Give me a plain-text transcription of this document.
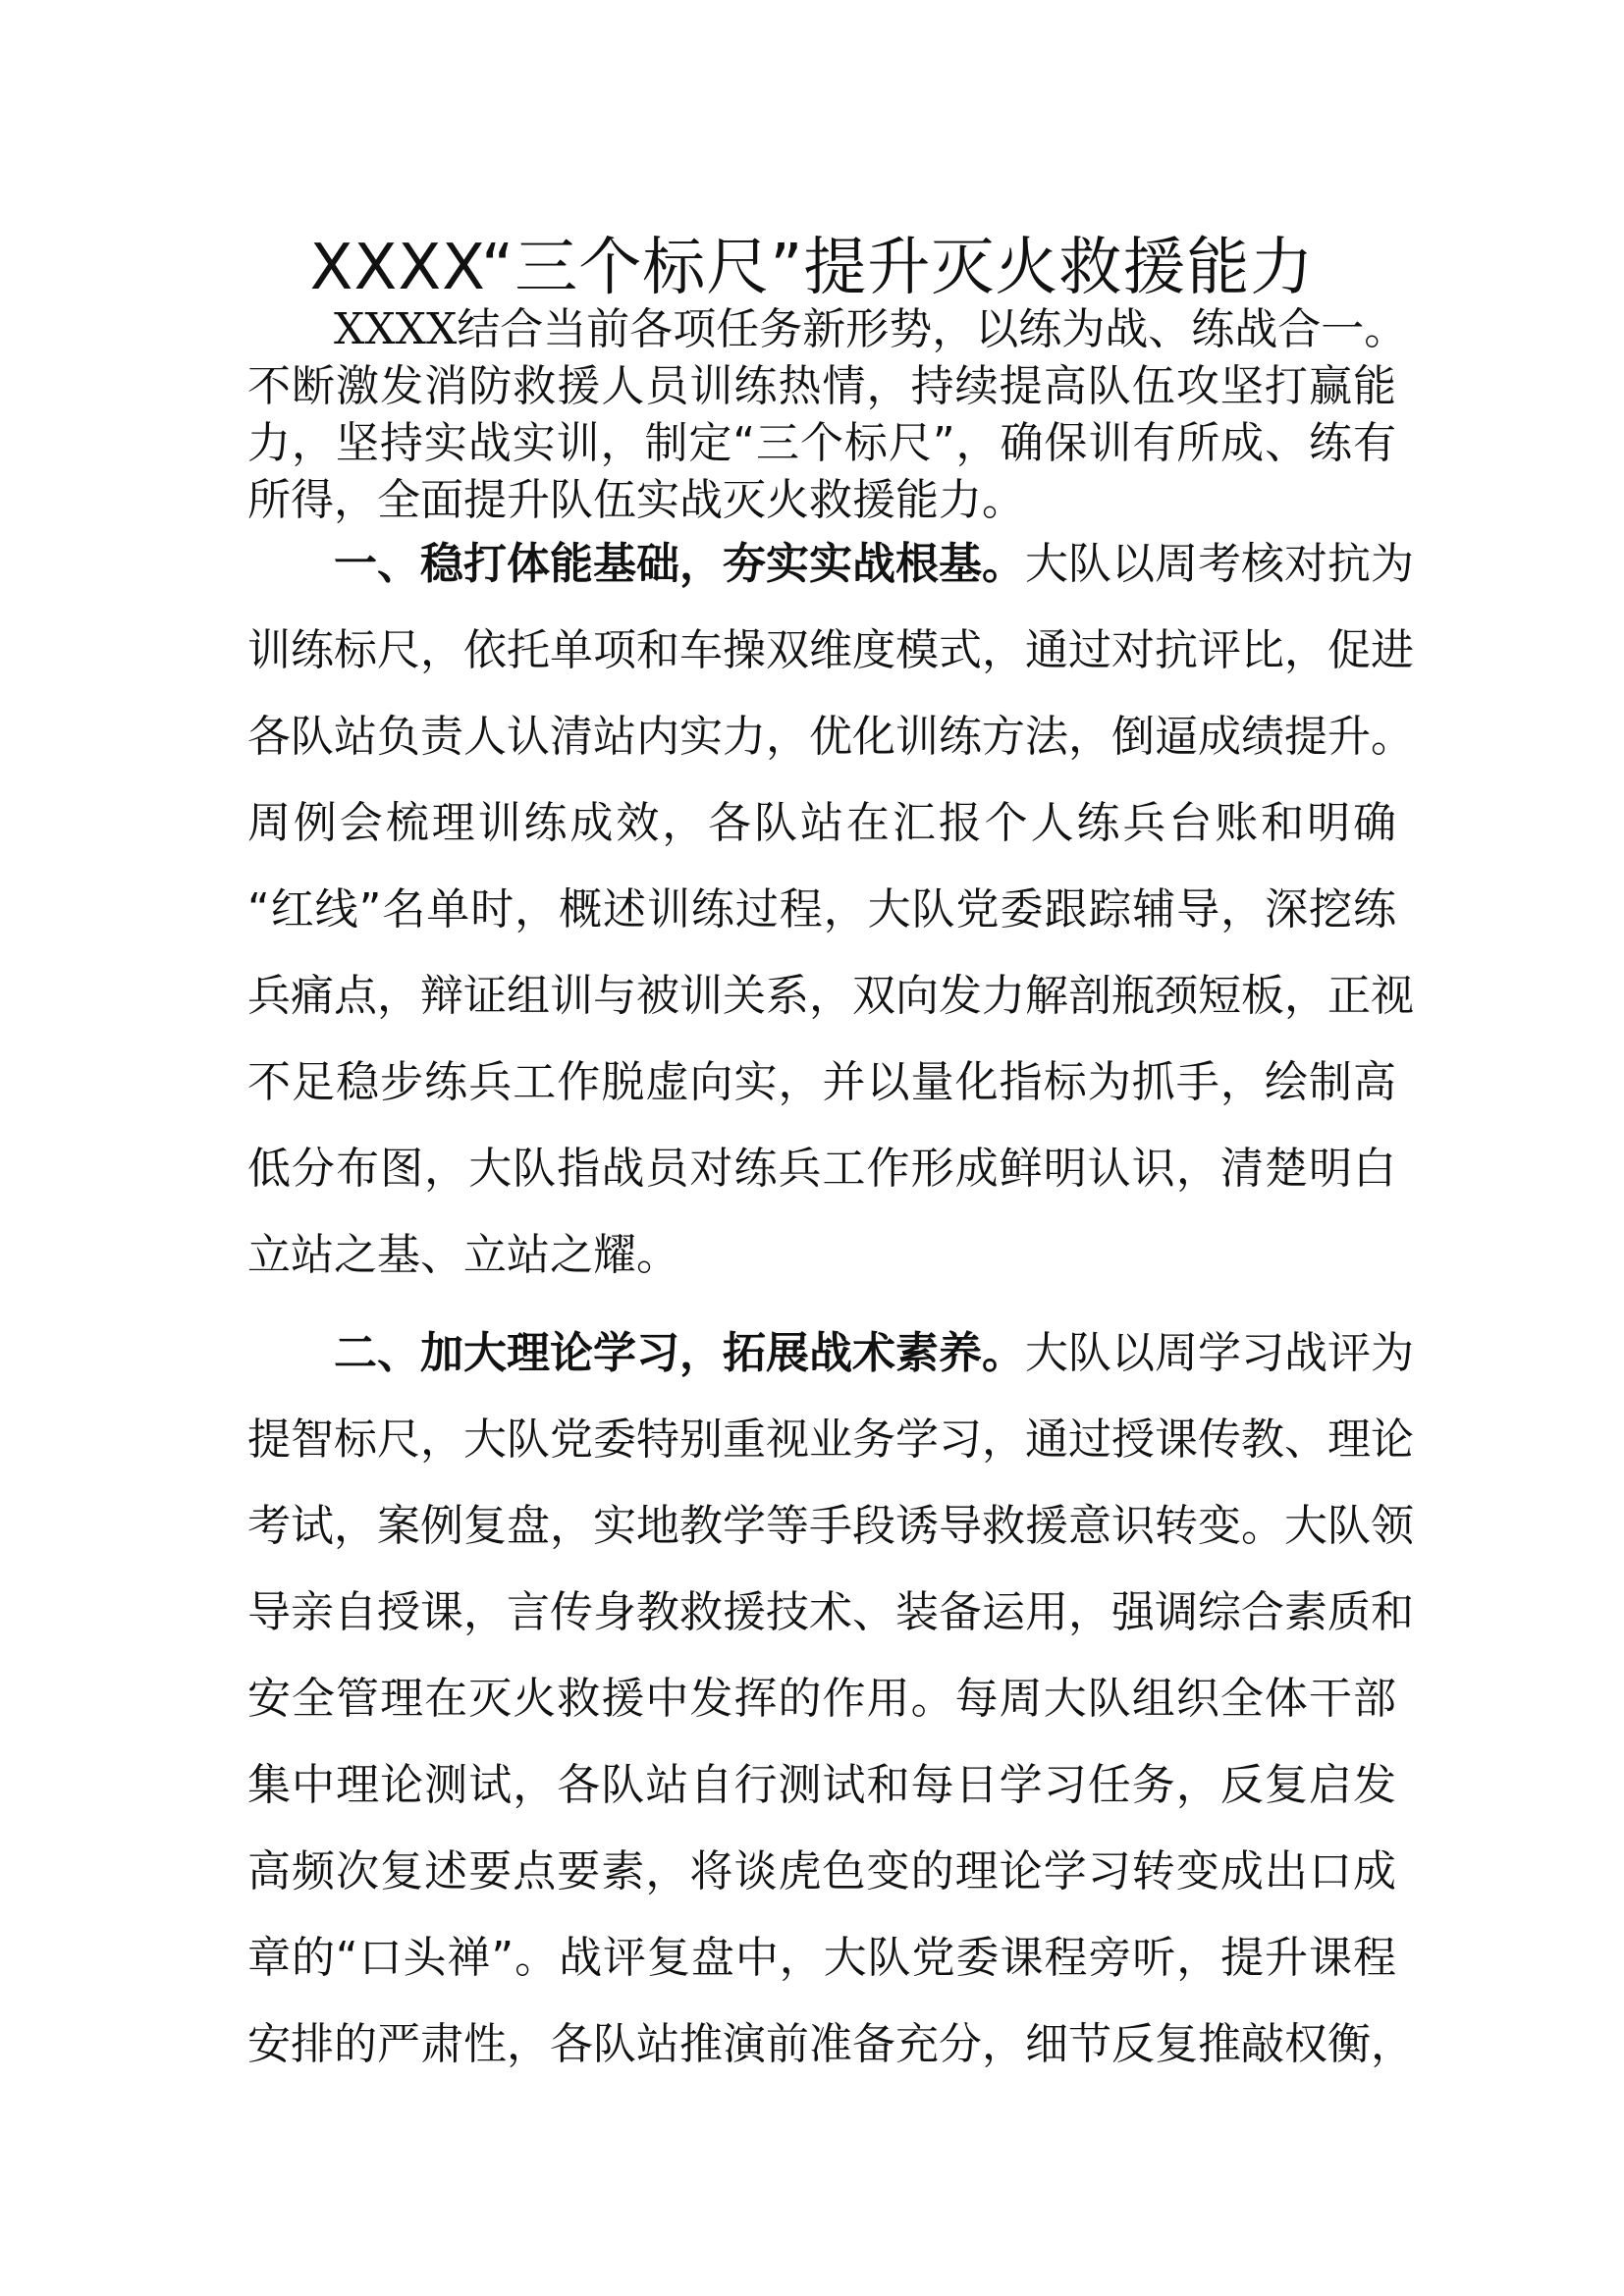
XXXX“三个标尺”提升灭火救援能力
XXXX结合当前各项任务新形势，以练为战、练战合一。
不断激发消防救援人员训练热情，持续提高队伍攻坚打赢能
力，坚持实战实训，制定“三个标尺”，确保训有所成、练有
所得，全面提升队伍实战灭火救援能力。
一、稳打体能基础，夯实实战根基。大队以周考核对抗为
训练标尺，依托单项和车操双维度模式，通过对抗评比，促进
各队站负责人认清站内实力，优化训练方法，倒逼成绩提升。
周例会梳理训练成效，各队站在汇报个人练兵台账和明确
“红线”名单时，概述训练过程，大队党委跟踪辅导，深挖练
兵痛点，辩证组训与被训关系，双向发力解剖瓶颈短板，正视
不足稳步练兵工作脱虚向实，并以量化指标为抓手，绘制高
低分布图，大队指战员对练兵工作形成鲜明认识，清楚明白
立站之基、立站之耀。
二、加大理论学习，拓展战术素养。大队以周学习战评为
提智标尺，大队党委特别重视业务学习，通过授课传教、理论
考试，案例复盘，实地教学等手段诱导救援意识转变。大队领
导亲自授课，言传身教救援技术、装备运用，强调综合素质和
安全管理在灭火救援中发挥的作用。每周大队组织全体干部
集中理论测试，各队站自行测试和每日学习任务，反复启发
高频次复述要点要素，将谈虎色变的理论学习转变成出口成
章的“口头禅”。战评复盘中，大队党委课程旁听，提升课程
安排的严肃性，各队站推演前准备充分，细节反复推敲权衡，
